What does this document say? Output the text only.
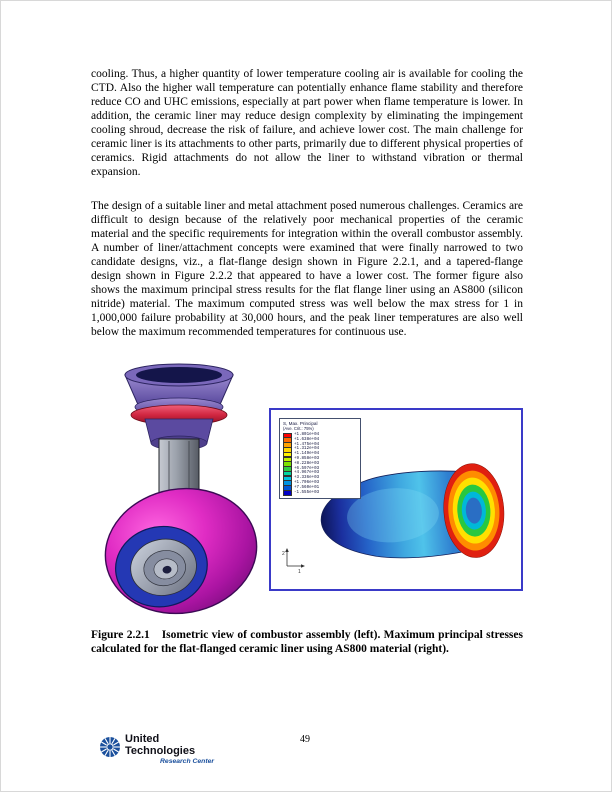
cooling. Thus, a higher quantity of lower temperature cooling air is available for cooling the CTD. Also the higher wall temperature can potentially enhance flame stability and therefore reduce CO and UHC emissions, especially at part power when flame temperature is lower. In addition, the ceramic liner may reduce design complexity by eliminating the impingement cooling shroud, decrease the risk of failure, and achieve lower cost. The main challenge for ceramic liner is its attachments to other parts, primarily due to different physical properties of ceramics. Rigid attachments do not allow the liner to withstand vibration or thermal expansion.

The design of a suitable liner and metal attachment posed numerous challenges. Ceramics are difficult to design because of the relatively poor mechanical properties of the ceramic material and the specific requirements for integration within the overall combustor assembly. A number of liner/attachment concepts were examined that were finally narrowed to two candidate designs, viz., a flat-flange design shown in Figure 2.2.1, and a tapered-flange design shown in Figure 2.2.2 that appeared to have a lower cost. The former figure also shows the maximum principal stress results for the flat flange liner using an AS800 (silicon nitride) material. The maximum computed stress was well below the max stress for 1 in 1,000,000 failure probability at 30,000 hours, and the peak liner temperatures are also well below the maximum recommended temperatures for continuous use.

2
1
S, Max. Principal
(Ave. Crit.: 75%)
+1.801e+04
+1.638e+04
+1.475e+04
+1.312e+04
+1.149e+04
+9.858e+03
+8.228e+03
+6.597e+03
+4.967e+03
+3.336e+03
+1.706e+03
+7.560e+01
-1.555e+03
Figure 2.2.1 Isometric view of combustor assembly (left). Maximum principal stresses calculated for the flat-flanged ceramic liner using AS800 material (right).
United
Technologies
Research Center
49
